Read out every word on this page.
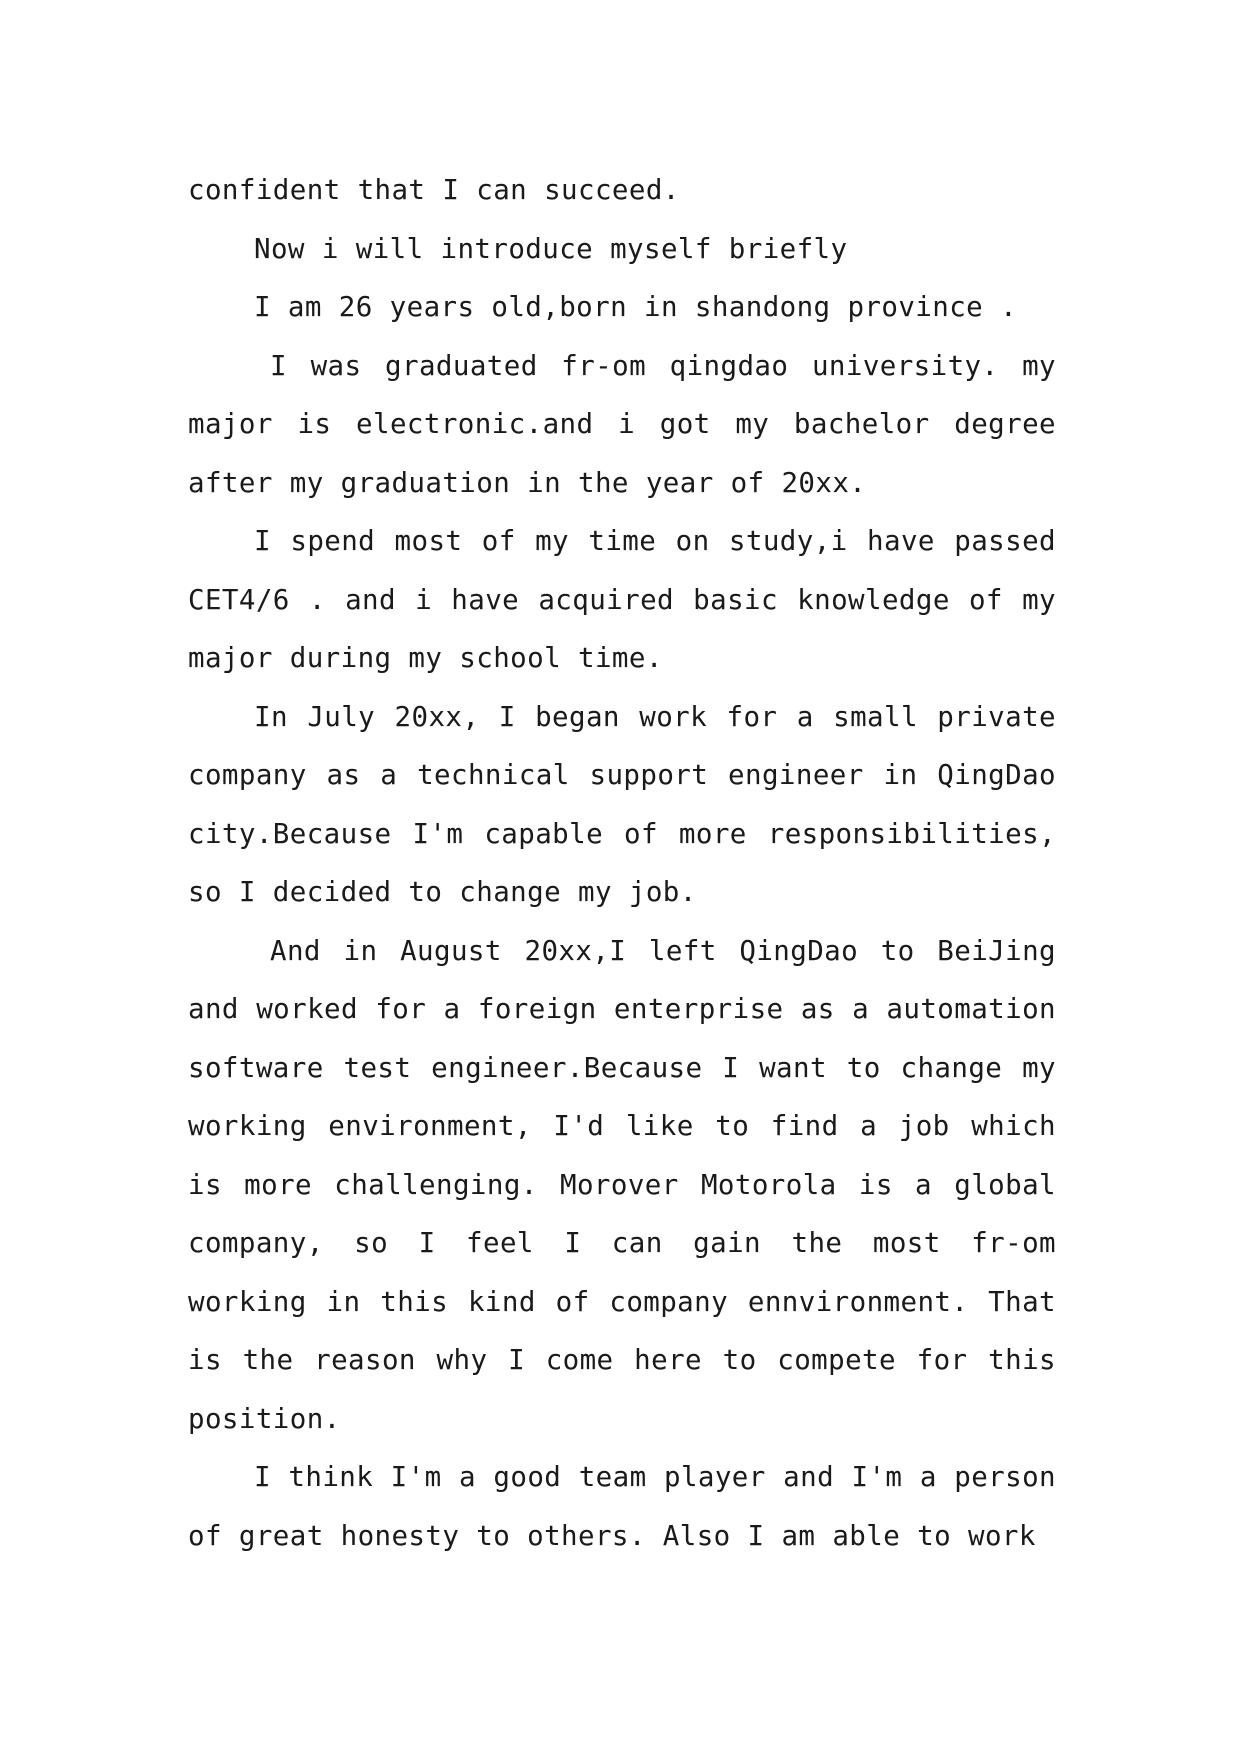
confident that I can succeed.

Now i will introduce myself briefly

I am 26 years old,born in shandong province .

I was graduated fr-om qingdao university. my major is electronic.and i got my bachelor degree after my graduation in the year of 20xx.

I spend most of my time on study,i have passed CET4/6 . and i have acquired basic knowledge of my major during my school time.

In July 20xx, I began work for a small private company as a technical support engineer in QingDao city.Because I'm capable of more responsibilities, so I decided to change my job.

And in August 20xx,I left QingDao to BeiJing and worked for a foreign enterprise as a automation software test engineer.Because I want to change my working environment, I'd like to find a job which is more challenging. Morover Motorola is a global company, so I feel I can gain the most fr-om working in this kind of company ennvironment. That is the reason why I come here to compete for this position.

I think I'm a good team player and I'm a person of great honesty to others. Also I am able to work
